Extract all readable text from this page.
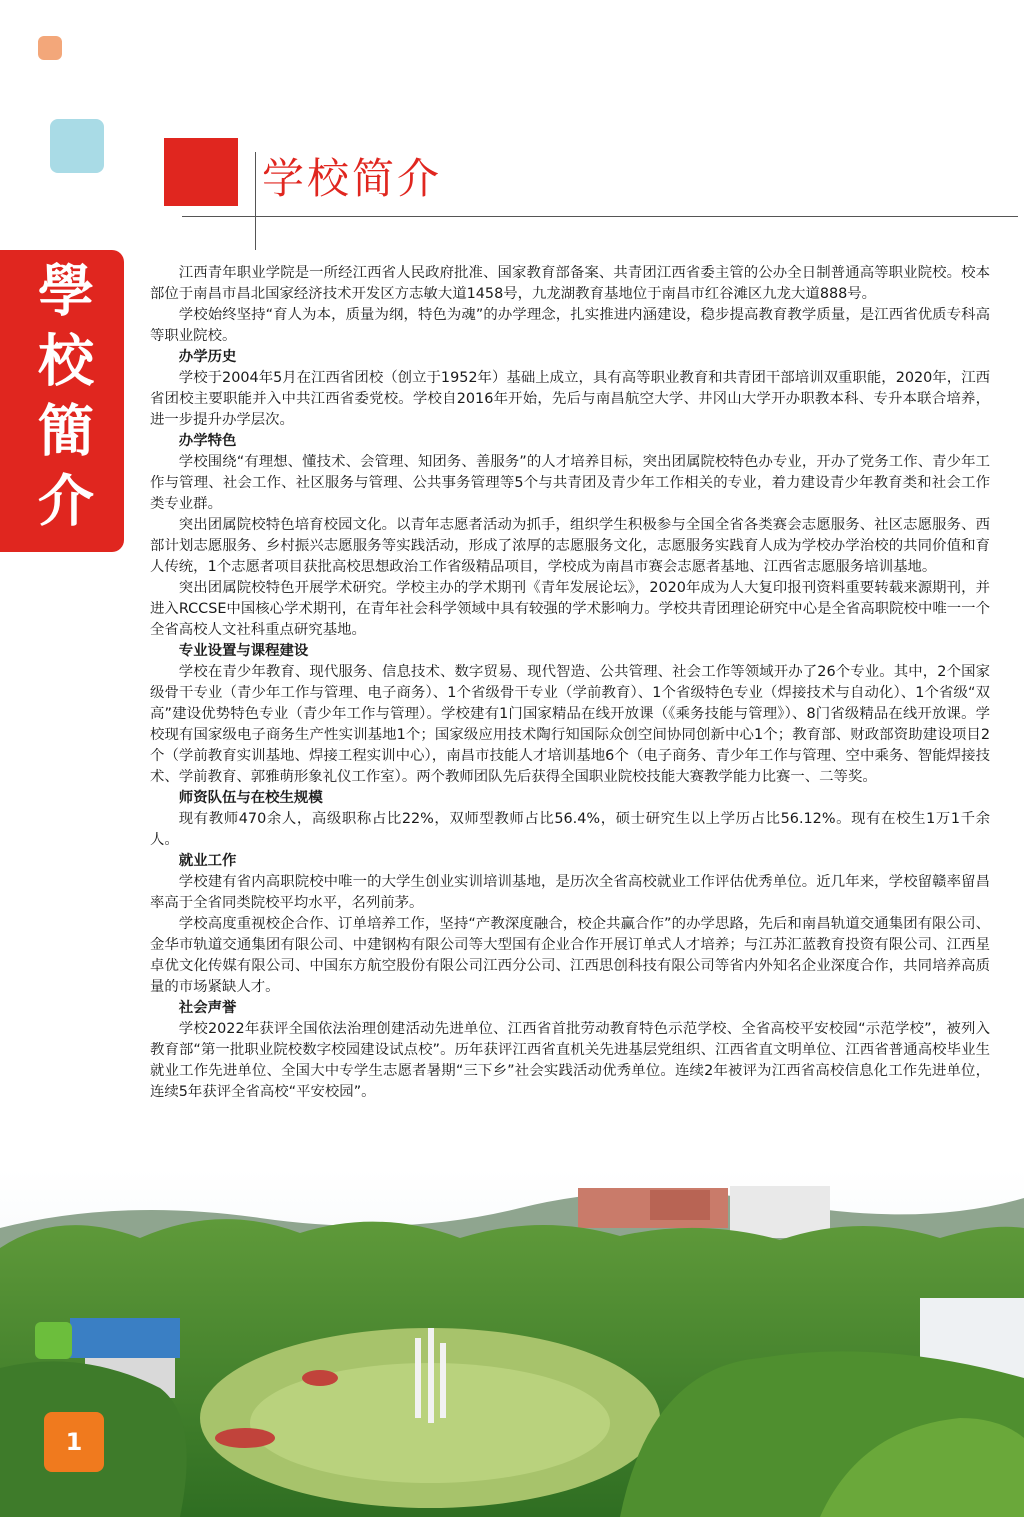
學校簡介
学校简介

江西青年职业学院是一所经江西省人民政府批准、国家教育部备案、共青团江西省委主管的公办全日制普通高等职业院校。校本部位于南昌市昌北国家经济技术开发区方志敏大道1458号，九龙湖教育基地位于南昌市红谷滩区九龙大道888号。

学校始终坚持“育人为本，质量为纲，特色为魂”的办学理念，扎实推进内涵建设，稳步提高教育教学质量，是江西省优质专科高等职业院校。

办学历史

学校于2004年5月在江西省团校（创立于1952年）基础上成立，具有高等职业教育和共青团干部培训双重职能，2020年，江西省团校主要职能并入中共江西省委党校。学校自2016年开始，先后与南昌航空大学、井冈山大学开办职教本科、专升本联合培养，进一步提升办学层次。

办学特色

学校围绕“有理想、懂技术、会管理、知团务、善服务”的人才培养目标，突出团属院校特色办专业，开办了党务工作、青少年工作与管理、社会工作、社区服务与管理、公共事务管理等5个与共青团及青少年工作相关的专业，着力建设青少年教育类和社会工作类专业群。

突出团属院校特色培育校园文化。以青年志愿者活动为抓手，组织学生积极参与全国全省各类赛会志愿服务、社区志愿服务、西部计划志愿服务、乡村振兴志愿服务等实践活动，形成了浓厚的志愿服务文化，志愿服务实践育人成为学校办学治校的共同价值和育人传统，1个志愿者项目获批高校思想政治工作省级精品项目，学校成为南昌市赛会志愿者基地、江西省志愿服务培训基地。

突出团属院校特色开展学术研究。学校主办的学术期刊《青年发展论坛》，2020年成为人大复印报刊资料重要转载来源期刊，并进入RCCSE中国核心学术期刊，在青年社会科学领域中具有较强的学术影响力。学校共青团理论研究中心是全省高职院校中唯一一个全省高校人文社科重点研究基地。

专业设置与课程建设

学校在青少年教育、现代服务、信息技术、数字贸易、现代智造、公共管理、社会工作等领域开办了26个专业。其中，2个国家级骨干专业（青少年工作与管理、电子商务）、1个省级骨干专业（学前教育）、1个省级特色专业（焊接技术与自动化）、1个省级“双高”建设优势特色专业（青少年工作与管理）。学校建有1门国家精品在线开放课（《乘务技能与管理》）、8门省级精品在线开放课。学校现有国家级电子商务生产性实训基地1个；国家级应用技术陶行知国际众创空间协同创新中心1个；教育部、财政部资助建设项目2个（学前教育实训基地、焊接工程实训中心），南昌市技能人才培训基地6个（电子商务、青少年工作与管理、空中乘务、智能焊接技术、学前教育、郭雅萌形象礼仪工作室）。两个教师团队先后获得全国职业院校技能大赛教学能力比赛一、二等奖。

师资队伍与在校生规模

现有教师470余人，高级职称占比22%，双师型教师占比56.4%，硕士研究生以上学历占比56.12%。现有在校生1万1千余人。

就业工作

学校建有省内高职院校中唯一的大学生创业实训培训基地，是历次全省高校就业工作评估优秀单位。近几年来，学校留赣率留昌率高于全省同类院校平均水平，名列前茅。

学校高度重视校企合作、订单培养工作，坚持“产教深度融合，校企共赢合作”的办学思路，先后和南昌轨道交通集团有限公司、金华市轨道交通集团有限公司、中建钢构有限公司等大型国有企业合作开展订单式人才培养；与江苏汇蓝教育投资有限公司、江西星卓优文化传媒有限公司、中国东方航空股份有限公司江西分公司、江西思创科技有限公司等省内外知名企业深度合作，共同培养高质量的市场紧缺人才。

社会声誉

学校2022年获评全国依法治理创建活动先进单位、江西省首批劳动教育特色示范学校、全省高校平安校园“示范学校”，被列入教育部“第一批职业院校数字校园建设试点校”。历年获评江西省直机关先进基层党组织、江西省直文明单位、江西省普通高校毕业生就业工作先进单位、全国大中专学生志愿者暑期“三下乡”社会实践活动优秀单位。连续2年被评为江西省高校信息化工作先进单位，连续5年获评全省高校“平安校园”。

1
